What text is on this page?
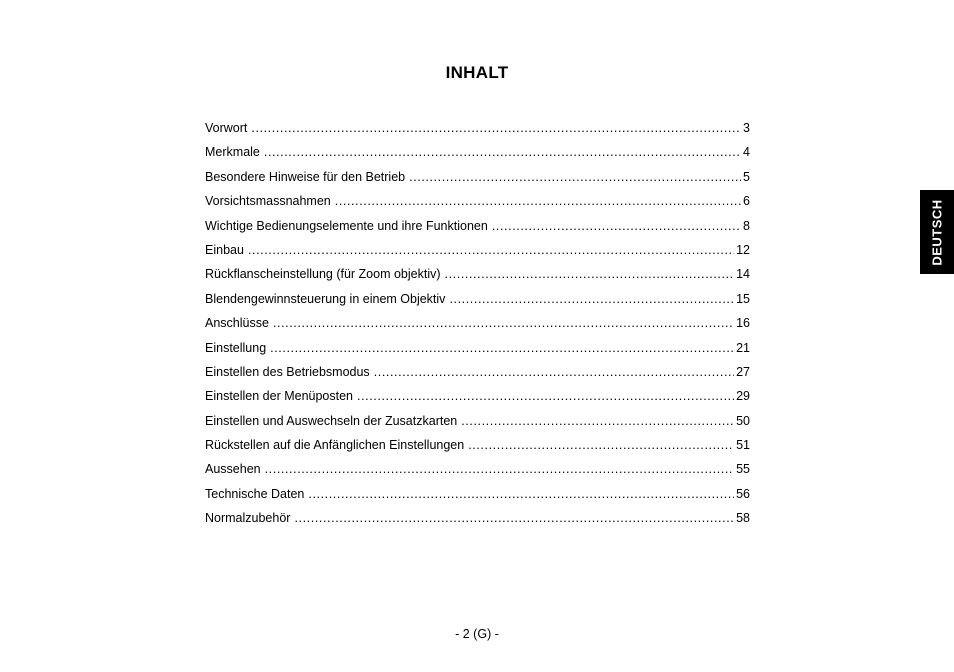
INHALT
Vorwort .....	3
Merkmale .....	4
Besondere Hinweise für den Betrieb .....	5
Vorsichtsmassnahmen .....	6
Wichtige Bedienungselemente und ihre Funktionen .....	8
Einbau .....	12
Rückflanscheinstellung (für Zoom objektiv) .....	14
Blendengewinnsteuerung in einem Objektiv .....	15
Anschlüsse .....	16
Einstellung .....	21
Einstellen des Betriebsmodus .....	27
Einstellen der Menüposten .....	29
Einstellen und Auswechseln der Zusatzkarten .....	50
Rückstellen auf die Anfänglichen Einstellungen .....	51
Aussehen .....	55
Technische Daten .....	56
Normalzubehör .....	58
DEUTSCH
- 2 (G) -
